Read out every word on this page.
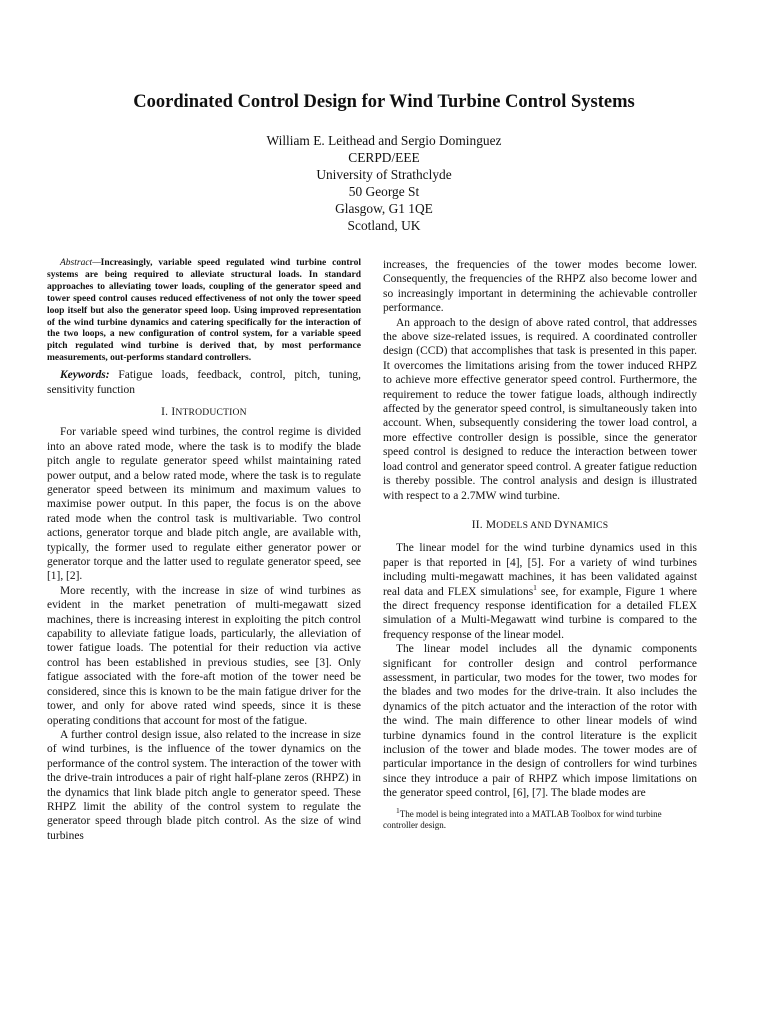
Coordinated Control Design for Wind Turbine Control Systems
William E. Leithead and Sergio Dominguez
CERPD/EEE
University of Strathclyde
50 George St
Glasgow, G1 1QE
Scotland, UK

Abstract—Increasingly, variable speed regulated wind turbine control systems are being required to alleviate structural loads. In standard approaches to alleviating tower loads, coupling of the generator speed and tower speed control causes reduced effectiveness of not only the tower speed loop itself but also the generator speed loop. Using improved representation of the wind turbine dynamics and catering specifically for the interaction of the two loops, a new configuration of control system, for a variable speed pitch regulated wind turbine is derived that, by most performance measurements, out-performs standard controllers.

Keywords: Fatigue loads, feedback, control, pitch, tuning, sensitivity function

I. INTRODUCTION

For variable speed wind turbines, the control regime is divided into an above rated mode, where the task is to modify the blade pitch angle to regulate generator speed whilst maintaining rated power output, and a below rated mode, where the task is to regulate generator speed between its minimum and maximum values to maximise power output. In this paper, the focus is on the above rated mode when the control task is multivariable. Two control actions, generator torque and blade pitch angle, are available with, typically, the former used to regulate either generator power or generator torque and the latter used to regulate generator speed, see [1], [2].

More recently, with the increase in size of wind turbines as evident in the market penetration of multi-megawatt sized machines, there is increasing interest in exploiting the pitch control capability to alleviate fatigue loads, particularly, the alleviation of tower fatigue loads. The potential for their reduction via active control has been established in previous studies, see [3]. Only fatigue associated with the fore-aft motion of the tower need be considered, since this is known to be the main fatigue driver for the tower, and only for above rated wind speeds, since it is these operating conditions that account for most of the fatigue.

A further control design issue, also related to the increase in size of wind turbines, is the influence of the tower dynamics on the performance of the control system. The interaction of the tower with the drive-train introduces a pair of right half-plane zeros (RHPZ) in the dynamics that link blade pitch angle to generator speed. These RHPZ limit the ability of the control system to regulate the generator speed through blade pitch control. As the size of wind turbines

increases, the frequencies of the tower modes become lower. Consequently, the frequencies of the RHPZ also become lower and so increasingly important in determining the achievable controller performance.

An approach to the design of above rated control, that addresses the above size-related issues, is required. A coordinated controller design (CCD) that accomplishes that task is presented in this paper. It overcomes the limitations arising from the tower induced RHPZ to achieve more effective generator speed control. Furthermore, the requirement to reduce the tower fatigue loads, although indirectly affected by the generator speed control, is simultaneously taken into account. When, subsequently considering the tower load control, a more effective controller design is possible, since the generator speed control is designed to reduce the interaction between tower load control and generator speed control. A greater fatigue reduction is thereby possible. The control analysis and design is illustrated with respect to a 2.7MW wind turbine.

II. MODELS AND DYNAMICS

The linear model for the wind turbine dynamics used in this paper is that reported in [4], [5]. For a variety of wind turbines including multi-megawatt machines, it has been validated against real data and FLEX simulations$^1$ see, for example, Figure 1 where the direct frequency response identification for a detailed FLEX simulation of a Multi-Megawatt wind turbine is compared to the frequency response of the linear model.

The linear model includes all the dynamic components significant for controller design and control performance assessment, in particular, two modes for the tower, two modes for the blades and two modes for the drive-train. It also includes the dynamics of the pitch actuator and the interaction of the rotor with the wind. The main difference to other linear models of wind turbine dynamics found in the control literature is the explicit inclusion of the tower and blade modes. The tower modes are of particular importance in the design of controllers for wind turbines since they introduce a pair of RHPZ which impose limitations on the generator speed control, [6], [7]. The blade modes are

$^1$The model is being integrated into a MATLAB Toolbox for wind turbine controller design.
